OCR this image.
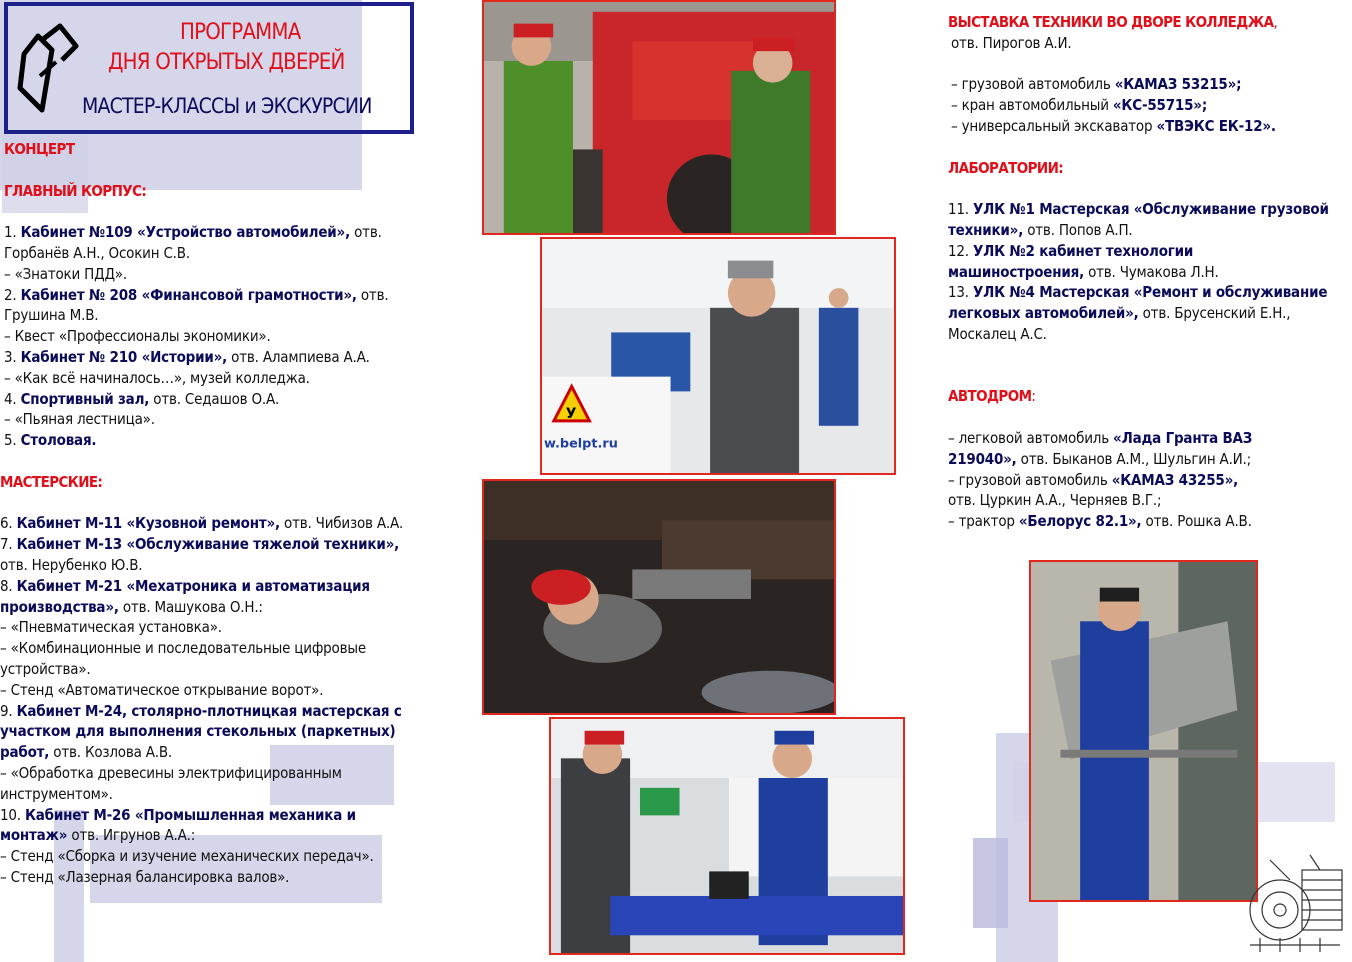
ПРОГРАММА
ДНЯ ОТКРЫТЫХ ДВЕРЕЙ
МАСТЕР-КЛАССЫ и ЭКСКУРСИИ

КОНЦЕРТ

ГЛАВНЫЙ КОРПУС:

1. Кабинет №109 «Устройство автомобилей», отв.

Горбанёв А.Н., Осокин С.В.

– «Знатоки ПДД».

2. Кабинет № 208 «Финансовой грамотности», отв.

Грушина М.В.

– Квест «Профессионалы экономики».

3. Кабинет № 210 «Истории», отв. Алампиева А.А.

– «Как всё начиналось…», музей колледжа.

4. Спортивный зал, отв. Седашов О.А.

– «Пьяная лестница».

5. Столовая.

МАСТЕРСКИЕ:

6. Кабинет М-11 «Кузовной ремонт», отв. Чибизов А.А.

7. Кабинет М-13 «Обслуживание тяжелой техники»,

отв. Нерубенко Ю.В.

8. Кабинет М-21 «Мехатроника и автоматизация

производства», отв. Машукова О.Н.:

– «Пневматическая установка».

– «Комбинационные и последовательные цифровые

устройства».

– Стенд «Автоматическое открывание ворот».

9. Кабинет М-24, столярно-плотницкая мастерская с

участком для выполнения стекольных (паркетных)

работ, отв. Козлова А.В.

– «Обработка древесины электрифицированным

инструментом».

10. Кабинет М-26 «Промышленная механика и

монтаж» отв. Игрунов А.А.:

– Стенд «Сборка и изучение механических передач».

– Стенд «Лазерная балансировка валов».

У
w.belpt.ru

ВЫСТАВКА ТЕХНИКИ ВО ДВОРЕ КОЛЛЕДЖА,

отв. Пирогов А.И.

– грузовой автомобиль «КАМАЗ 53215»;

– кран автомобильный «КС-55715»;

– универсальный экскаватор «ТВЭКС ЕК-12».

ЛАБОРАТОРИИ:

11. УЛК №1 Мастерская «Обслуживание грузовой

техники», отв. Попов А.П.

12. УЛК №2 кабинет технологии

машиностроения, отв. Чумакова Л.Н.

13. УЛК №4 Мастерская «Ремонт и обслуживание

легковых автомобилей», отв. Брусенский Е.Н.,

Москалец А.С.

АВТОДРОМ:

– легковой автомобиль «Лада Гранта ВАЗ

219040», отв. Быканов А.М., Шульгин А.И.;

– грузовой автомобиль «КАМАЗ 43255»,

отв. Цуркин А.А., Черняев В.Г.;

– трактор «Белорус 82.1», отв. Рошка А.В.
